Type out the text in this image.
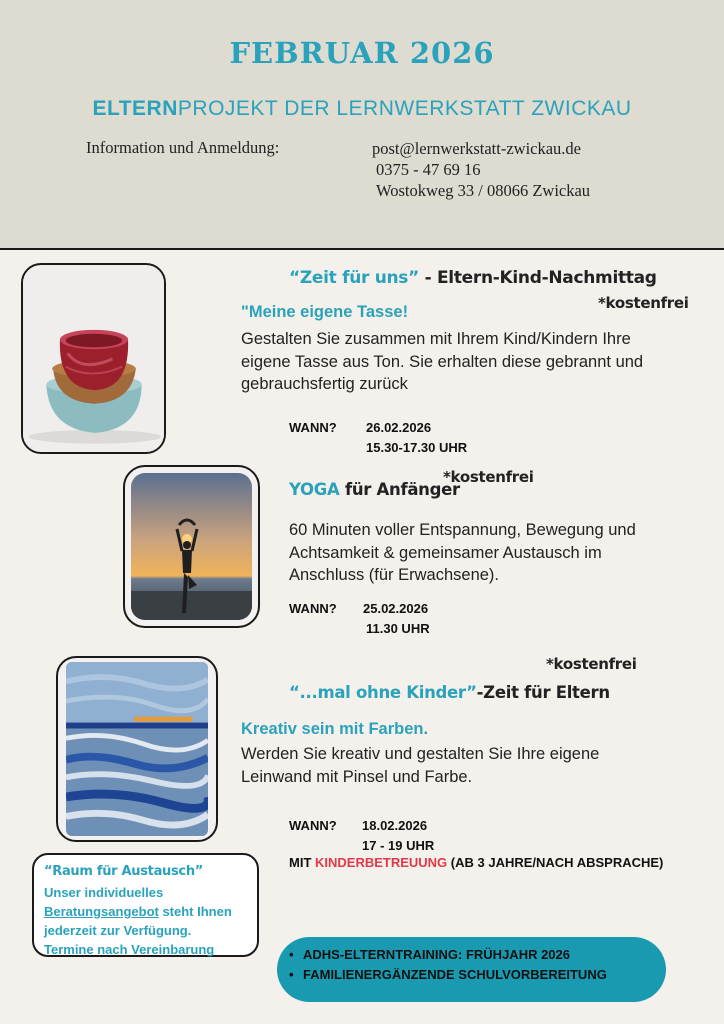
FEBRUAR 2026
ELTERNPROJEKT DER LERNWERKSTATT ZWICKAU
Information und Anmeldung:	post@lernwerkstatt-zwickau.de
0375 - 47 69 16
Wostokweg 33 / 08066 Zwickau
“Zeit für uns” - Eltern-Kind-Nachmittag
*kostenfrei
"Meine eigene Tasse!
Gestalten Sie zusammen mit Ihrem Kind/Kindern Ihre eigene Tasse aus Ton. Sie erhalten diese gebrannt und gebrauchsfertig zurück
WANN? 26.02.2026
15.30-17.30 UHR
YOGA für Anfänger
*kostenfrei
60 Minuten voller Entspannung, Bewegung und Achtsamkeit & gemeinsamer Austausch im Anschluss (für Erwachsene).
WANN? 25.02.2026
11.30 UHR
*kostenfrei
“...mal ohne Kinder”-Zeit für Eltern
Kreativ sein mit Farben.
Werden Sie kreativ und gestalten Sie Ihre eigene Leinwand mit Pinsel und Farbe.
WANN? 18.02.2026
17 - 19 UHR
MIT KINDERBETREUUNG (AB 3 JAHRE/NACH ABSPRACHE)
“Raum für Austausch”
Unser individuelles
Beratungsangebot steht Ihnen
jederzeit zur Verfügung.
Termine nach Vereinbarung
•	ADHS-ELTERNTRAINING: FRÜHJAHR 2026
• FAMILIENERGÄNZENDE SCHULVORBEREITUNG
